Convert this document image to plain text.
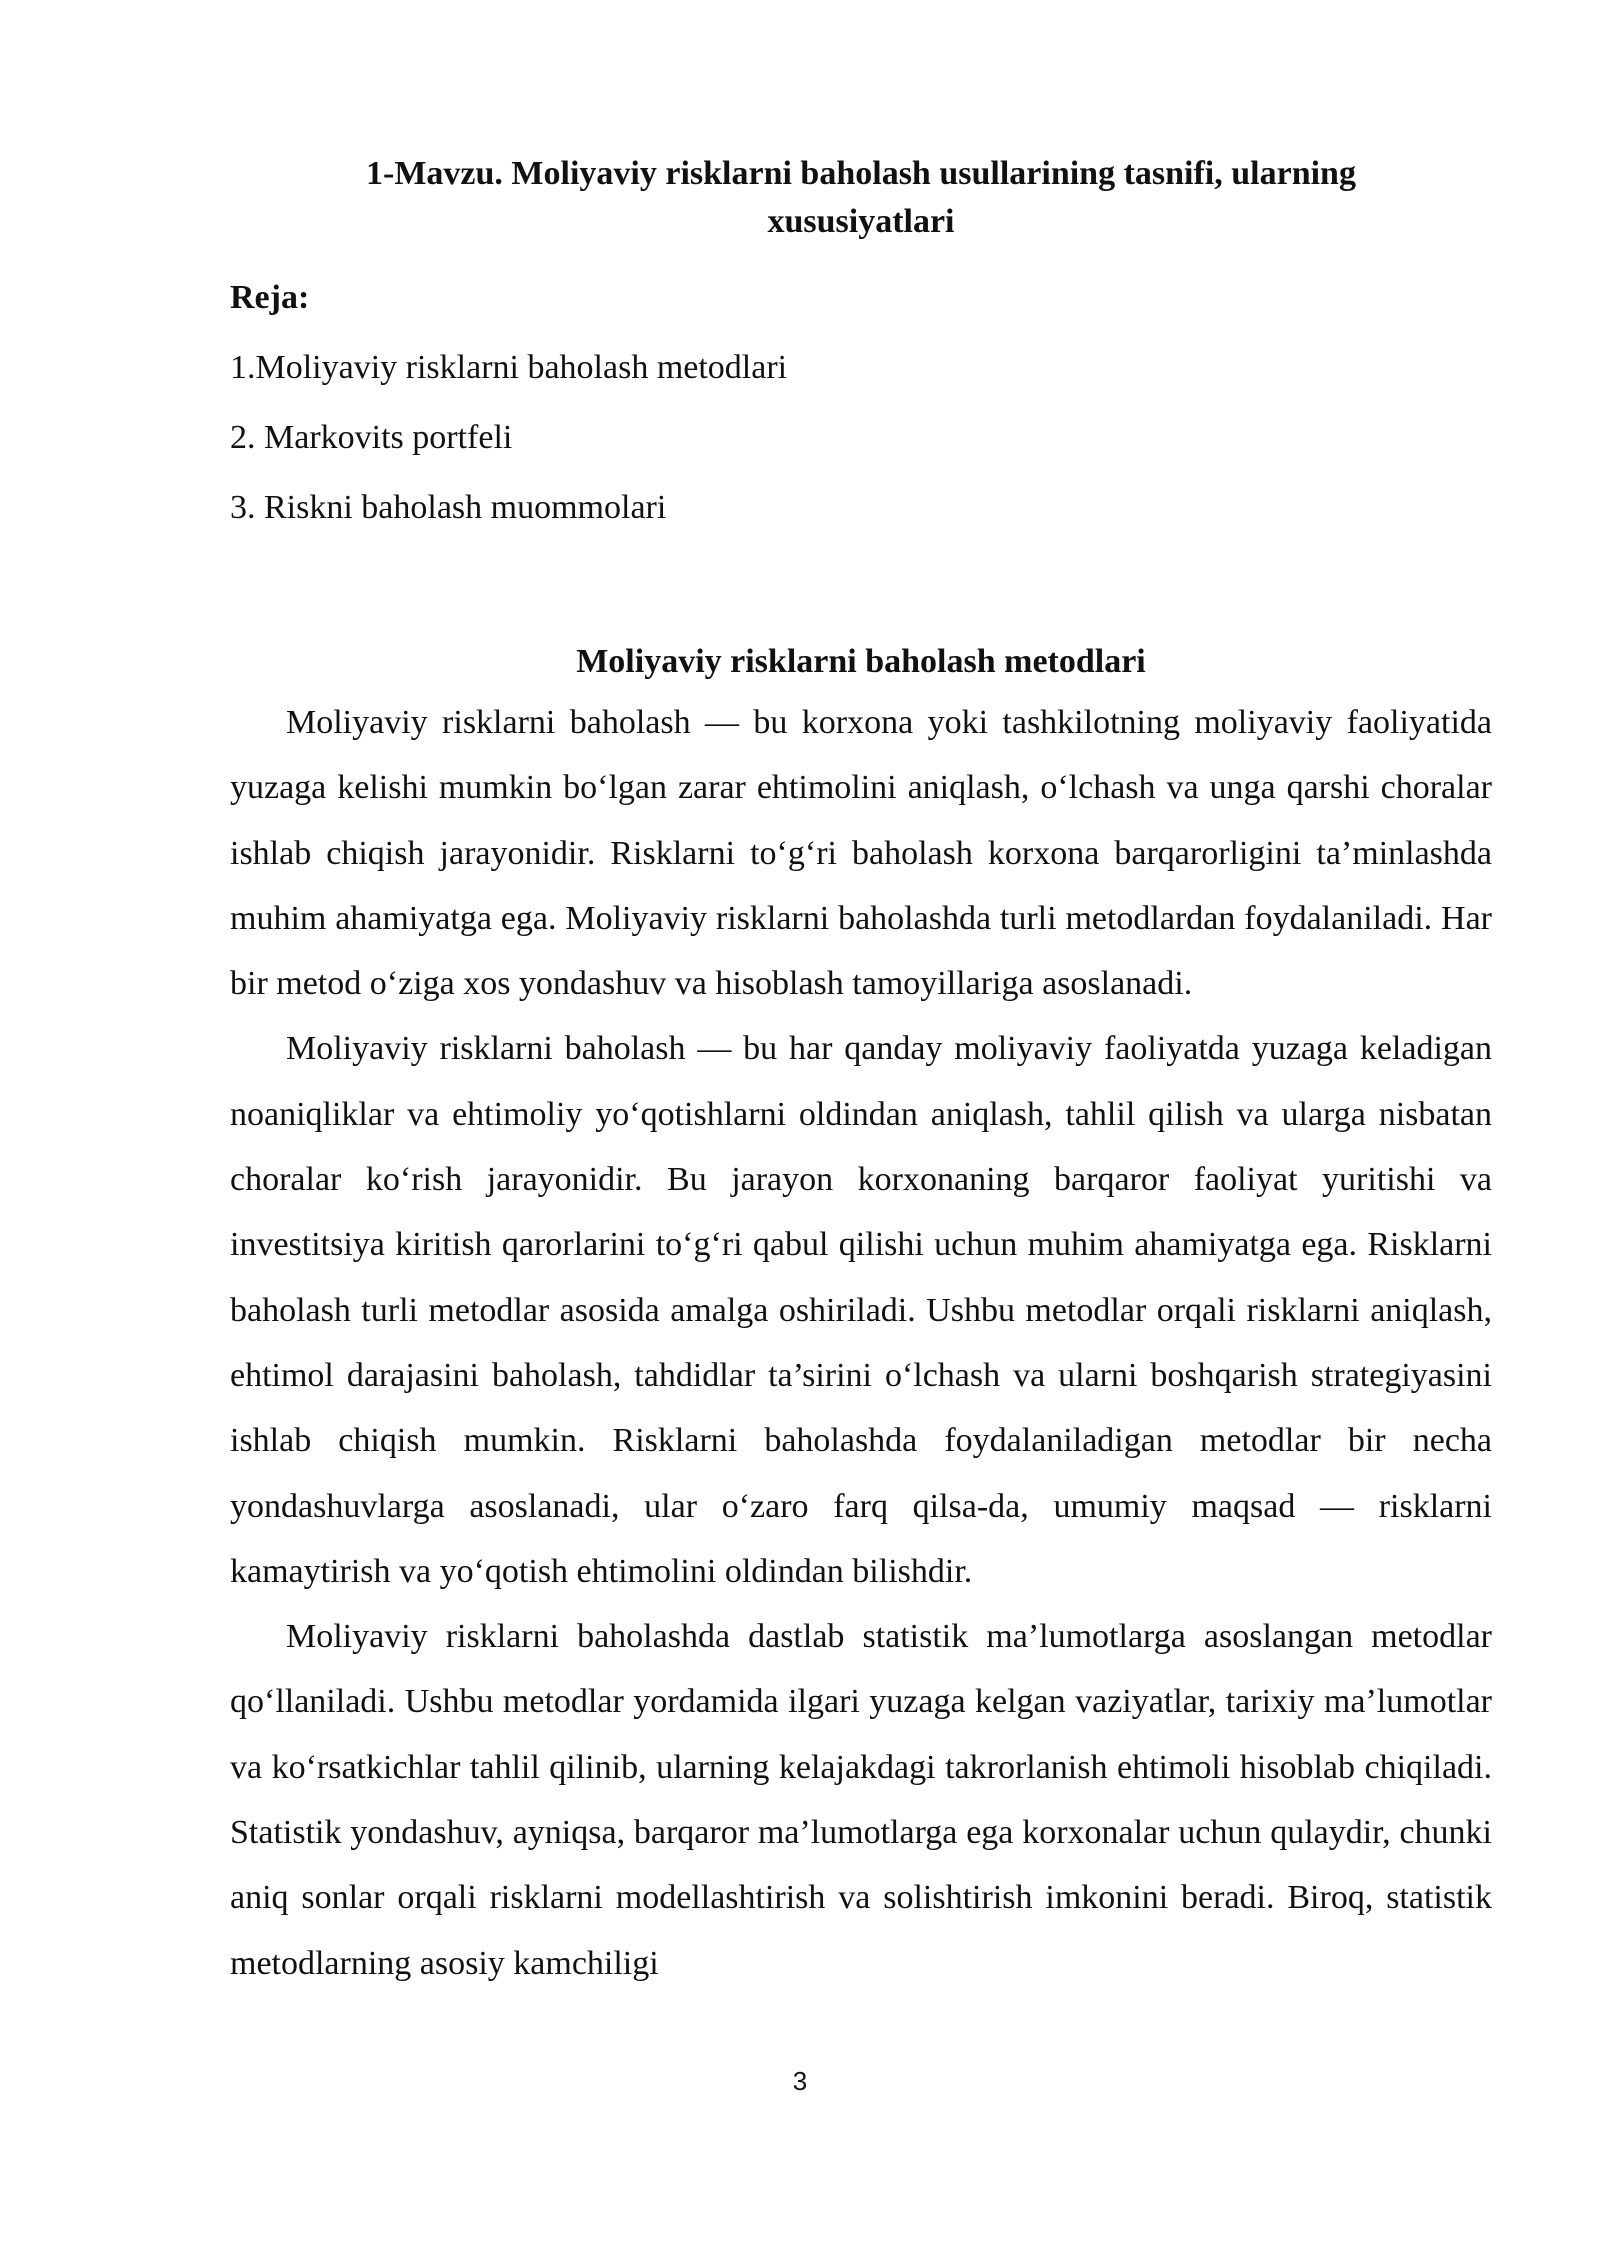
1-Mavzu. Moliyaviy risklarni baholash usullarining tasnifi, ularning xususiyatlari
Reja:
1.Moliyaviy risklarni baholash metodlari
2. Markovits portfeli
3. Riskni baholash muommolari
Moliyaviy risklarni baholash metodlari

Moliyaviy risklarni baholash — bu korxona yoki tashkilotning moliyaviy faoliyatida yuzaga kelishi mumkin bo‘lgan zarar ehtimolini aniqlash, o‘lchash va unga qarshi choralar ishlab chiqish jarayonidir. Risklarni to‘g‘ri baholash korxona barqarorligini ta’minlashda muhim ahamiyatga ega. Moliyaviy risklarni baholashda turli metodlardan foydalaniladi. Har bir metod o‘ziga xos yondashuv va hisoblash tamoyillariga asoslanadi.

Moliyaviy risklarni baholash — bu har qanday moliyaviy faoliyatda yuzaga keladigan noaniqliklar va ehtimoliy yo‘qotishlarni oldindan aniqlash, tahlil qilish va ularga nisbatan choralar ko‘rish jarayonidir. Bu jarayon korxonaning barqaror faoliyat yuritishi va investitsiya kiritish qarorlarini to‘g‘ri qabul qilishi uchun muhim ahamiyatga ega. Risklarni baholash turli metodlar asosida amalga oshiriladi. Ushbu metodlar orqali risklarni aniqlash, ehtimol darajasini baholash, tahdidlar ta’sirini o‘lchash va ularni boshqarish strategiyasini ishlab chiqish mumkin. Risklarni baholashda foydalaniladigan metodlar bir necha yondashuvlarga asoslanadi, ular o‘zaro farq qilsa-da, umumiy maqsad — risklarni kamaytirish va yo‘qotish ehtimolini oldindan bilishdir.

Moliyaviy risklarni baholashda dastlab statistik ma’lumotlarga asoslangan metodlar qo‘llaniladi. Ushbu metodlar yordamida ilgari yuzaga kelgan vaziyatlar, tarixiy ma’lumotlar va ko‘rsatkichlar tahlil qilinib, ularning kelajakdagi takrorlanish ehtimoli hisoblab chiqiladi. Statistik yondashuv, ayniqsa, barqaror ma’lumotlarga ega korxonalar uchun qulaydir, chunki aniq sonlar orqali risklarni modellashtirish va solishtirish imkonini beradi. Biroq, statistik metodlarning asosiy kamchiligi

3
